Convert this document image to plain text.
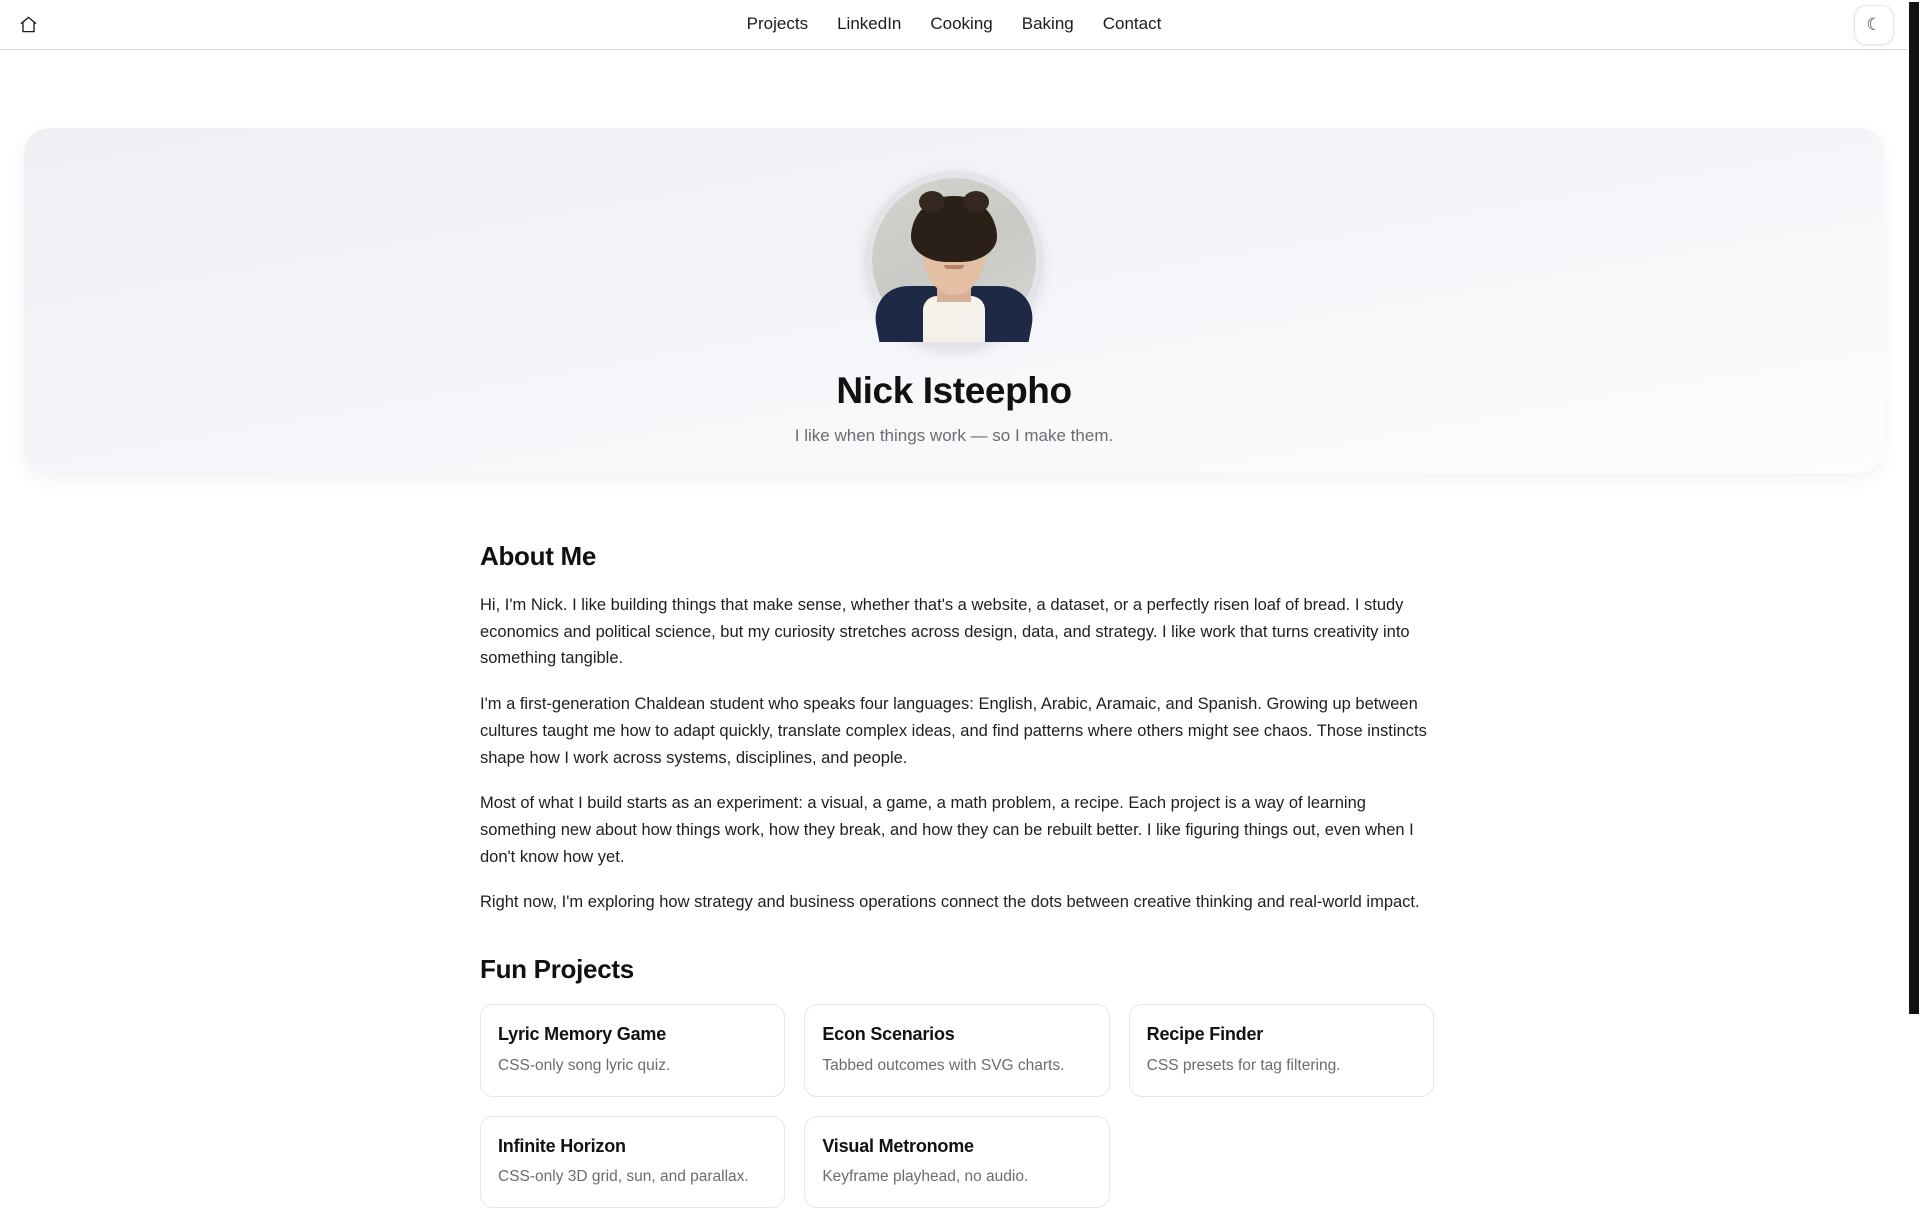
Projects LinkedIn Cooking Baking Contact	☾
Nick Isteepho

I like when things work — so I make them.

About Me

Hi, I'm Nick. I like building things that make sense, whether that's a website, a dataset, or a perfectly risen loaf of bread. I study economics and political science, but my curiosity stretches across design, data, and strategy. I like work that turns creativity into something tangible.

I'm a first-generation Chaldean student who speaks four languages: English, Arabic, Aramaic, and Spanish. Growing up between cultures taught me how to adapt quickly, translate complex ideas, and find patterns where others might see chaos. Those instincts shape how I work across systems, disciplines, and people.

Most of what I build starts as an experiment: a visual, a game, a math problem, a recipe. Each project is a way of learning something new about how things work, how they break, and how they can be rebuilt better. I like figuring things out, even when I don't know how yet.

Right now, I'm exploring how strategy and business operations connect the dots between creative thinking and real-world impact.

Fun Projects
Lyric Memory Game
CSS-only song lyric quiz.
Econ Scenarios
Tabbed outcomes with SVG charts.
Recipe Finder
CSS presets for tag filtering.
Infinite Horizon
CSS-only 3D grid, sun, and parallax.
Visual Metronome
Keyframe playhead, no audio.
